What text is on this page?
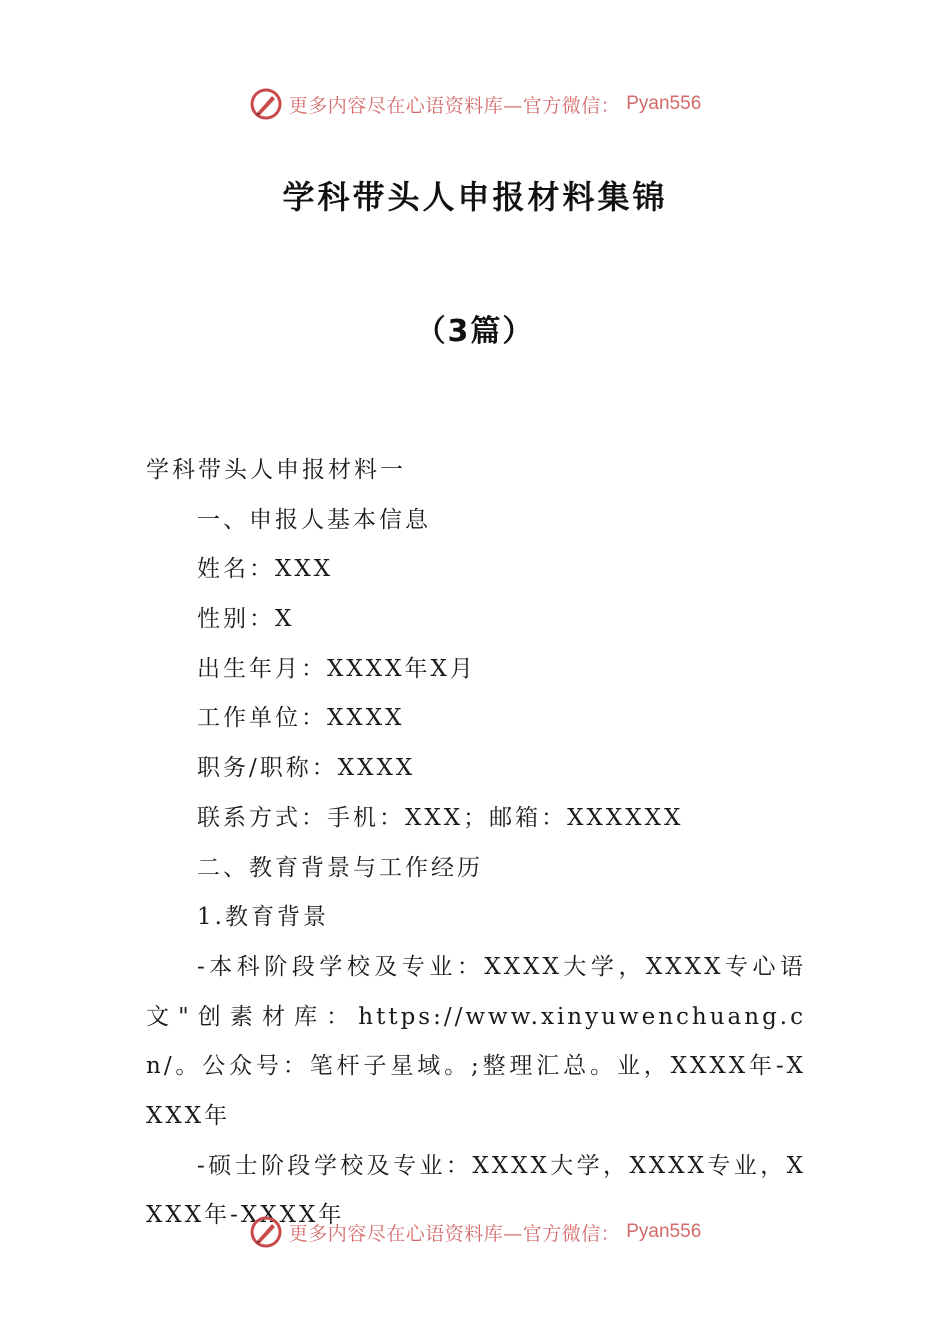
更多内容尽在心语资料库—官方微信： Pyan556
学科带头人申报材料集锦
（3篇）
学科带头人申报材料一
一、申报人基本信息
姓名：XXX
性别：X
出生年月：XXXX年X月
工作单位：XXXX
职务/职称：XXXX
联系方式：手机：XXX；邮箱：XXXXXX
二、教育背景与工作经历
1.教育背景
-本科阶段学校及专业：XXXX大学，XXXX专心语文"创素材库：https://www.xinyuwenchuang.cn/。公众号：笔杆子星域。;整理汇总。业，XXXX年-XXXX年
-硕士阶段学校及专业：XXXX大学，XXXX专业，XXXX年-XXXX年
更多内容尽在心语资料库—官方微信： Pyan556
